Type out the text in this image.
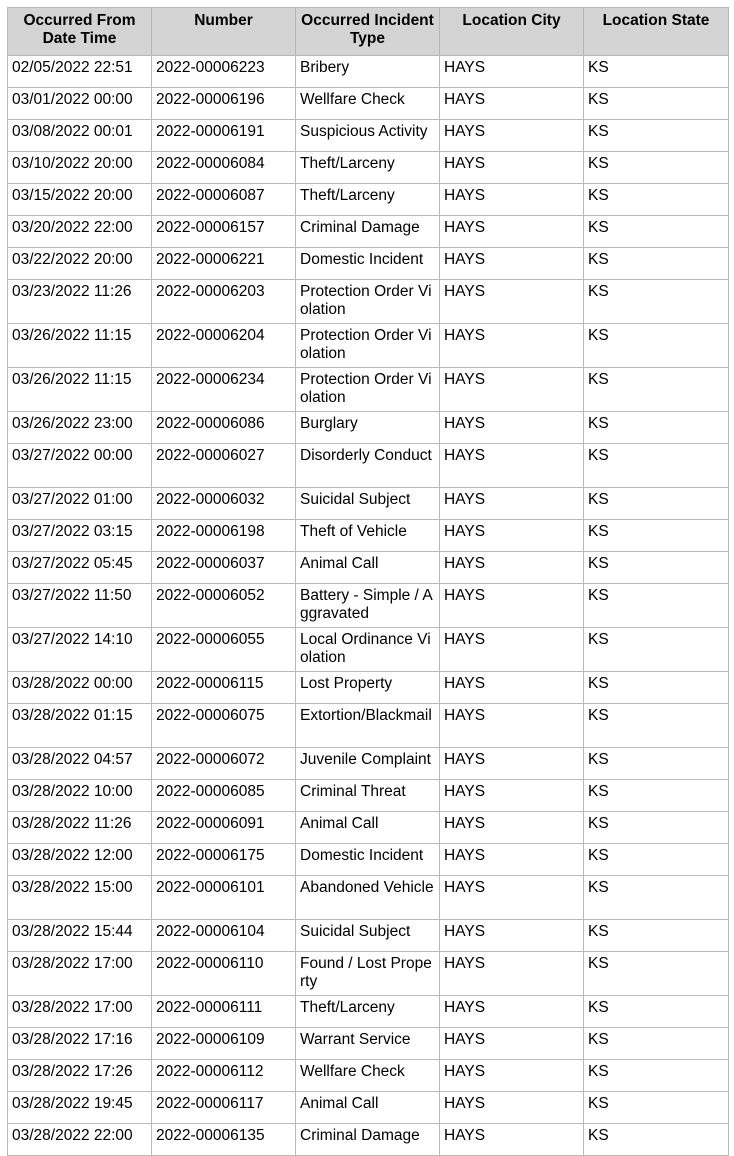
Occurred From Date Time	Number	Occurred Incident Type	Location City	Location State
02/05/2022 22:51	2022-00006223	Bribery	HAYS	KS
03/01/2022 00:00	2022-00006196	Wellfare Check	HAYS	KS
03/08/2022 00:01	2022-00006191	Suspicious Activity	HAYS	KS
03/10/2022 20:00	2022-00006084	Theft/Larceny	HAYS	KS
03/15/2022 20:00	2022-00006087	Theft/Larceny	HAYS	KS
03/20/2022 22:00	2022-00006157	Criminal Damage	HAYS	KS
03/22/2022 20:00	2022-00006221	Domestic Incident	HAYS	KS
03/23/2022 11:26	2022-00006203	Protection Order Violation	HAYS	KS
03/26/2022 11:15	2022-00006204	Protection Order Violation	HAYS	KS
03/26/2022 11:15	2022-00006234	Protection Order Violation	HAYS	KS
03/26/2022 23:00	2022-00006086	Burglary	HAYS	KS
03/27/2022 00:00	2022-00006027	Disorderly Conduct	HAYS	KS
03/27/2022 01:00	2022-00006032	Suicidal Subject	HAYS	KS
03/27/2022 03:15	2022-00006198	Theft of Vehicle	HAYS	KS
03/27/2022 05:45	2022-00006037	Animal Call	HAYS	KS
03/27/2022 11:50	2022-00006052	Battery - Simple / Aggravated	HAYS	KS
03/27/2022 14:10	2022-00006055	Local Ordinance Violation	HAYS	KS
03/28/2022 00:00	2022-00006115	Lost Property	HAYS	KS
03/28/2022 01:15	2022-00006075	Extortion/Blackmail	HAYS	KS
03/28/2022 04:57	2022-00006072	Juvenile Complaint	HAYS	KS
03/28/2022 10:00	2022-00006085	Criminal Threat	HAYS	KS
03/28/2022 11:26	2022-00006091	Animal Call	HAYS	KS
03/28/2022 12:00	2022-00006175	Domestic Incident	HAYS	KS
03/28/2022 15:00	2022-00006101	Abandoned Vehicle	HAYS	KS
03/28/2022 15:44	2022-00006104	Suicidal Subject	HAYS	KS
03/28/2022 17:00	2022-00006110	Found / Lost Property	HAYS	KS
03/28/2022 17:00	2022-00006111	Theft/Larceny	HAYS	KS
03/28/2022 17:16	2022-00006109	Warrant Service	HAYS	KS
03/28/2022 17:26	2022-00006112	Wellfare Check	HAYS	KS
03/28/2022 19:45	2022-00006117	Animal Call	HAYS	KS
03/28/2022 22:00	2022-00006135	Criminal Damage	HAYS	KS
